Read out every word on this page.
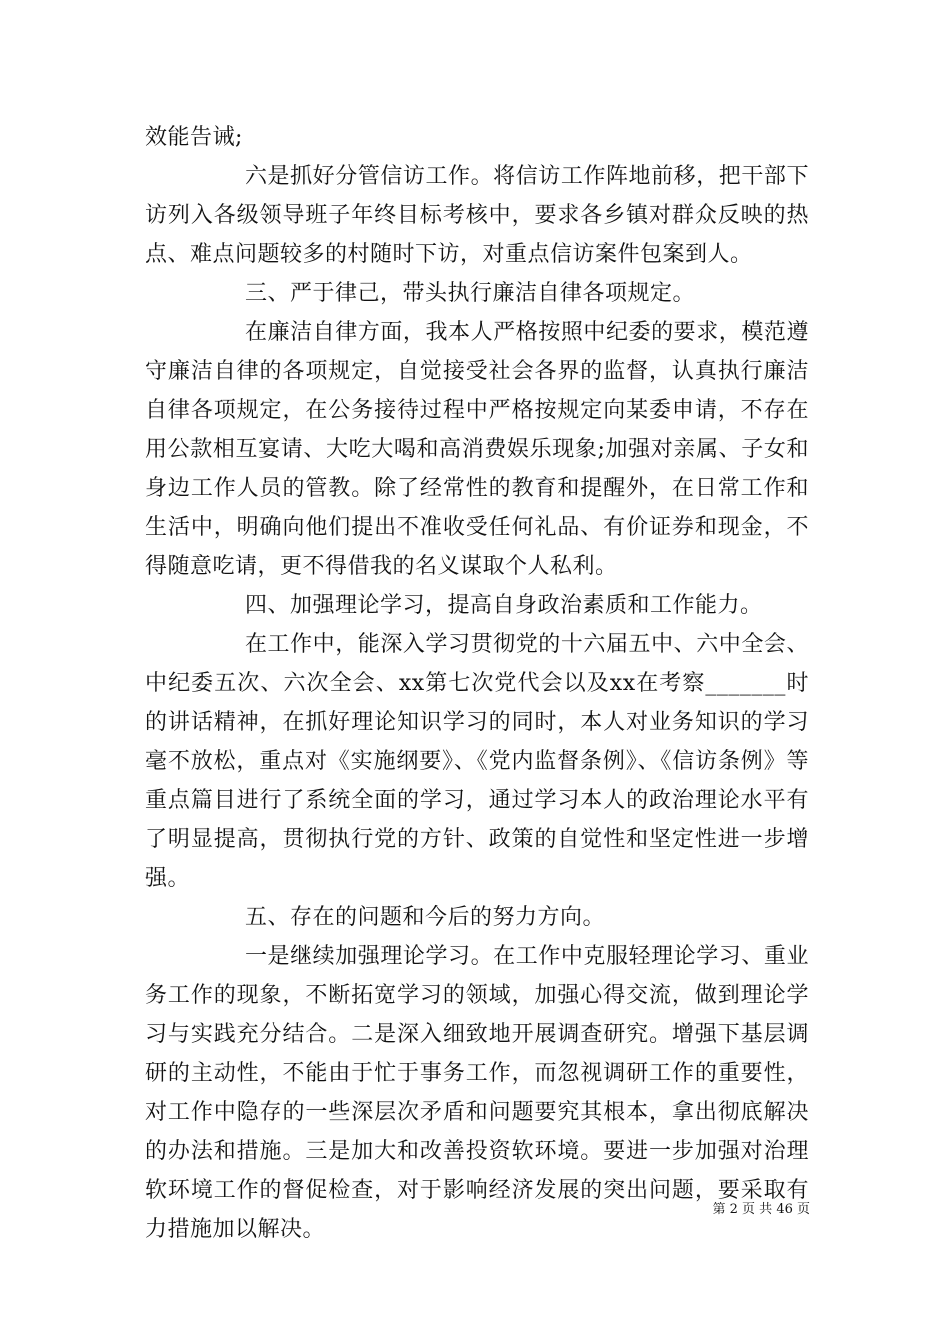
效能告诫;

六是抓好分管信访工作。将信访工作阵地前移，把干部下访列入各级领导班子年终目标考核中，要求各乡镇对群众反映的热点、难点问题较多的村随时下访，对重点信访案件包案到人。

三、严于律己，带头执行廉洁自律各项规定。

在廉洁自律方面，我本人严格按照中纪委的要求，模范遵守廉洁自律的各项规定，自觉接受社会各界的监督，认真执行廉洁自律各项规定，在公务接待过程中严格按规定向某委申请，不存在用公款相互宴请、大吃大喝和高消费娱乐现象;加强对亲属、子女和身边工作人员的管教。除了经常性的教育和提醒外，在日常工作和生活中，明确向他们提出不准收受任何礼品、有价证券和现金，不得随意吃请，更不得借我的名义谋取个人私利。

四、加强理论学习，提高自身政治素质和工作能力。

在工作中，能深入学习贯彻党的十六届五中、六中全会、中纪委五次、六次全会、xx第七次党代会以及xx在考察_______时的讲话精神，在抓好理论知识学习的同时，本人对业务知识的学习毫不放松，重点对《实施纲要》、《党内监督条例》、《信访条例》等重点篇目进行了系统全面的学习，通过学习本人的政治理论水平有了明显提高，贯彻执行党的方针、政策的自觉性和坚定性进一步增强。

五、存在的问题和今后的努力方向。

一是继续加强理论学习。在工作中克服轻理论学习、重业务工作的现象，不断拓宽学习的领域，加强心得交流，做到理论学习与实践充分结合。二是深入细致地开展调查研究。增强下基层调研的主动性，不能由于忙于事务工作，而忽视调研工作的重要性，对工作中隐存的一些深层次矛盾和问题要究其根本，拿出彻底解决的办法和措施。三是加大和改善投资软环境。要进一步加强对治理软环境工作的督促检查，对于影响经济发展的突出问题，要采取有力措施加以解决。

第 2 页 共 46 页
